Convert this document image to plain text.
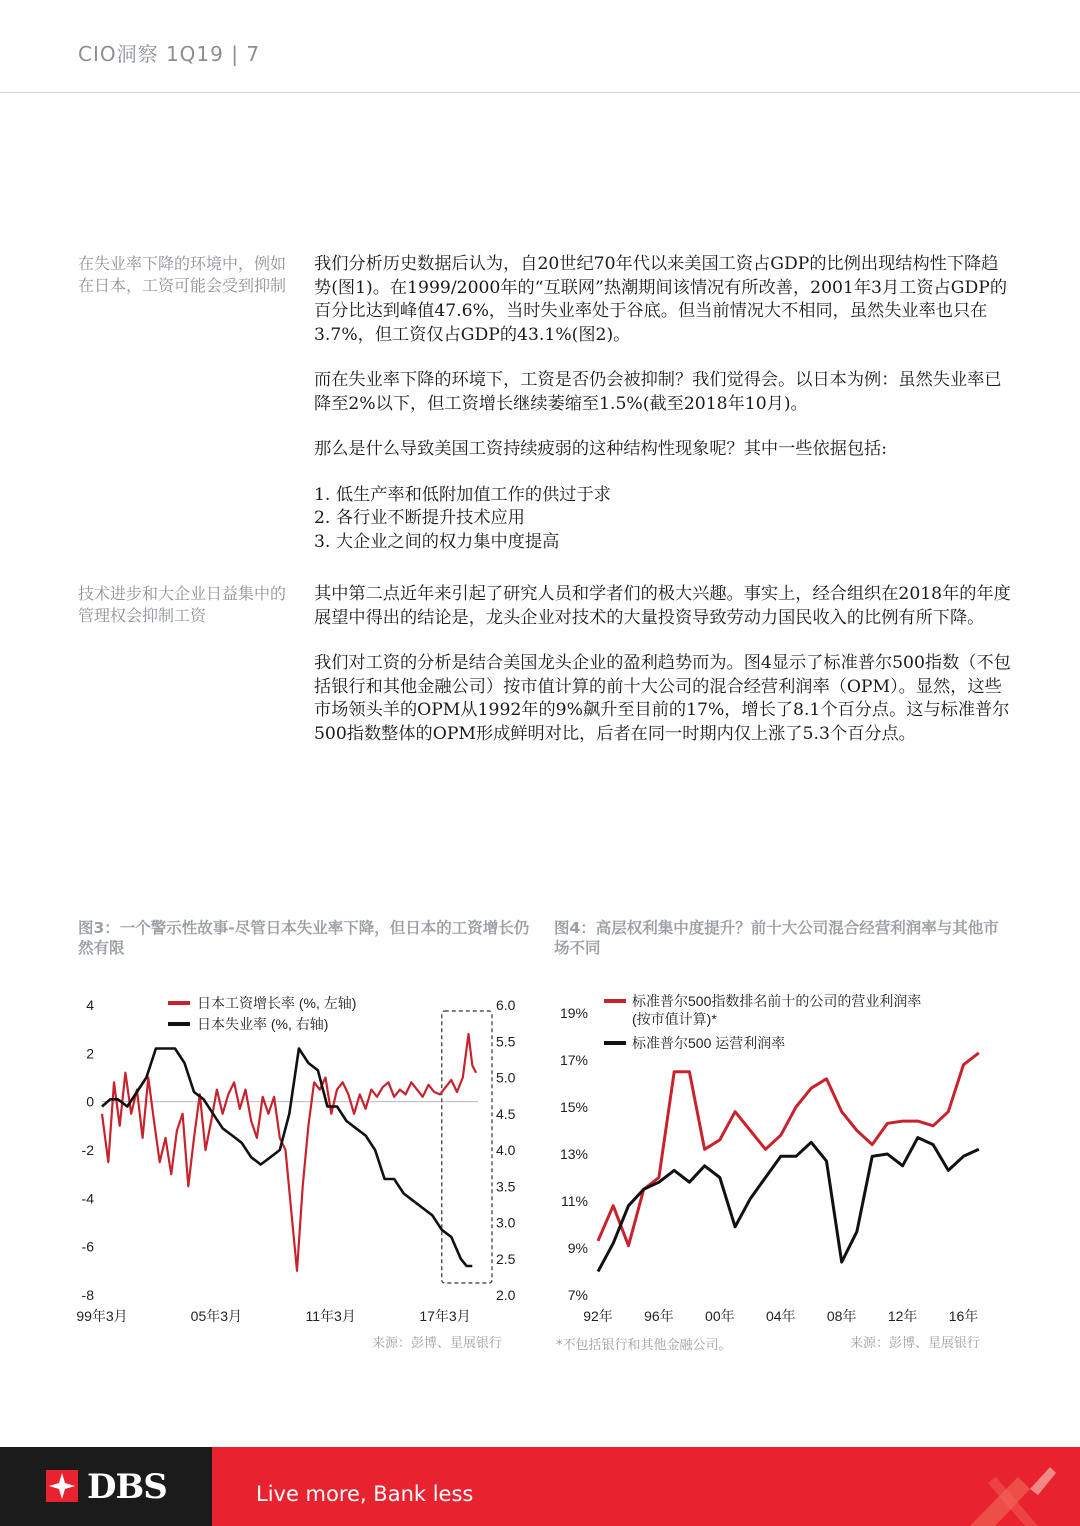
CIO洞察 1Q19 | 7
在失业率下降的环境中，例如在日本，工资可能会受到抑制
技术进步和大企业日益集中的管理权会抑制工资

我们分析历史数据后认为，自20世纪70年代以来美国工资占GDP的比例出现结构性下降趋势(图1)。在1999/2000年的“互联网”热潮期间该情况有所改善，2001年3月工资占GDP的百分比达到峰值47.6%，当时失业率处于谷底。但当前情况大不相同，虽然失业率也只在3.7%，但工资仅占GDP的43.1%(图2)。

而在失业率下降的环境下，工资是否仍会被抑制？我们觉得会。以日本为例：虽然失业率已降至2%以下，但工资增长继续萎缩至1.5%(截至2018年10月)。

那么是什么导致美国工资持续疲弱的这种结构性现象呢？其中一些依据包括:

1. 低生产率和低附加值工作的供过于求
2. 各行业不断提升技术应用
3. 大企业之间的权力集中度提高

其中第二点近年来引起了研究人员和学者们的极大兴趣。事实上，经合组织在2018年的年度展望中得出的结论是，龙头企业对技术的大量投资导致劳动力国民收入的比例有所下降。

我们对工资的分析是结合美国龙头企业的盈利趋势而为。图4显示了标准普尔500指数（不包括银行和其他金融公司）按市值计算的前十大公司的混合经营利润率（OPM）。显然，这些市场领头羊的OPM从1992年的9%飙升至目前的17%，增长了8.1个百分点。这与标准普尔500指数整体的OPM形成鲜明对比，后者在同一时期内仅上涨了5.3个百分点。

图3：一个警示性故事-尽管日本失业率下降，但日本的工资增长仍然有限
图4：高层权利集中度提升？前十大公司混合经营利润率与其他市场不同
4
2
0
-2
-4
-6
-8
6.0
5.5
5.0
4.5
4.0
3.5
3.0
2.5
2.0
99年3月	05年3月	11年3月	17年3月
日本工资增长率 (%, 左轴)
日本失业率 (%, 右轴)
19%
17%
15%
13%
11%
9%
7%
92年 96年 00年 04年 08年 12年 16年
标准普尔500指数排名前十的公司的营业利润率(按市值计算)*
标准普尔500 运营利润率
来源：彭博、星展银行	*不包括银行和其他金融公司。	来源：彭博、星展银行
DBS	Live more, Bank less
